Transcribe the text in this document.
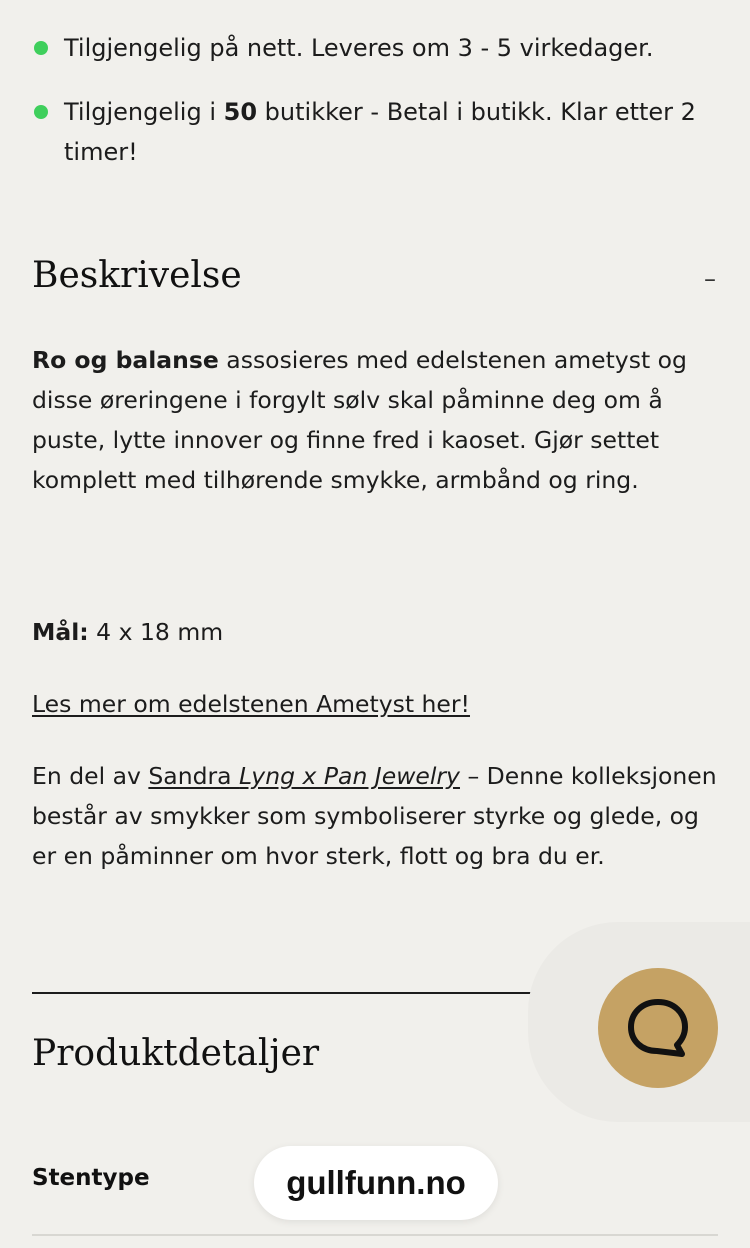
Tilgjengelig på nett. Leveres om 3 - 5 virkedager.
Tilgjengelig i 50 butikker - Betal i butikk. Klar etter 2 timer!
Beskrivelse	–

Ro og balanse assosieres med edelstenen ametyst og disse øreringene i forgylt sølv skal påminne deg om å puste, lytte innover og finne fred i kaoset. Gjør settet komplett med tilhørende smykke, armbånd og ring.

Mål: 4 x 18 mm

Les mer om edelstenen Ametyst her!

En del av Sandra Lyng x Pan Jewelry – Denne kolleksjonen består av smykker som symboliserer styrke og glede, og er en påminner om hvor sterk, flott og bra du er.

Produktdetaljer
Stentype	gullfunn.no
